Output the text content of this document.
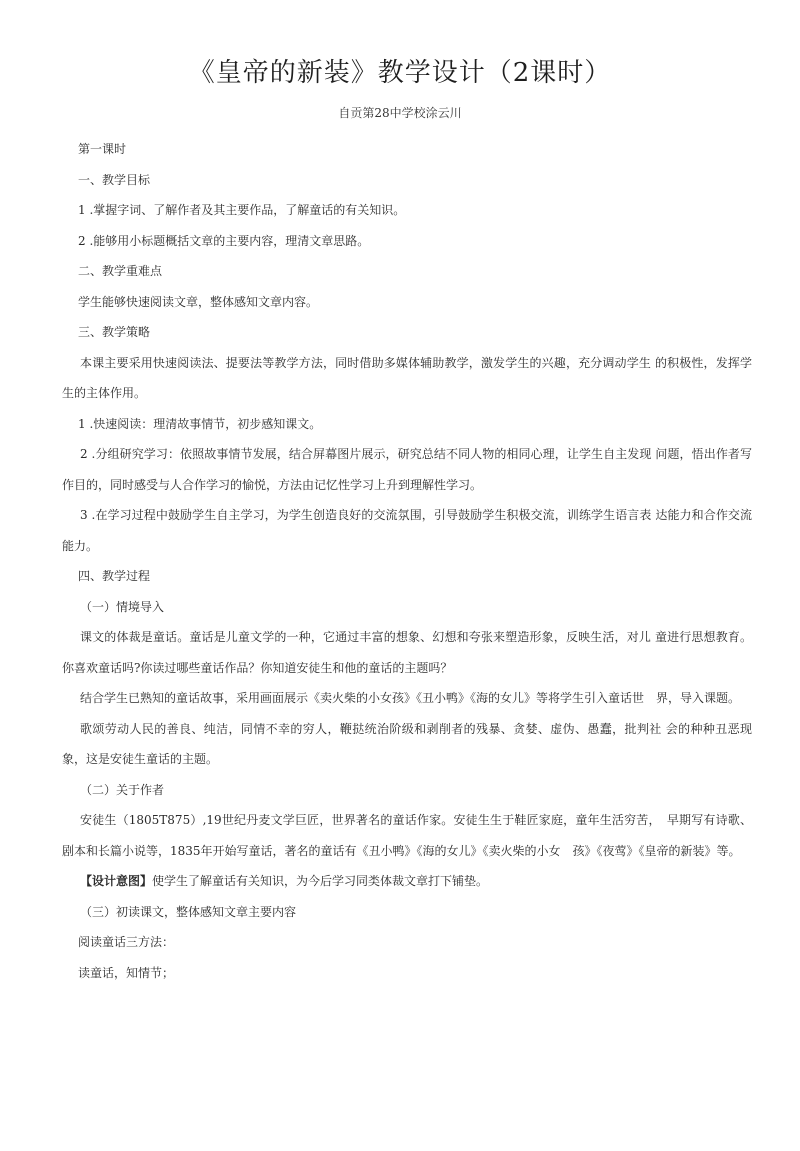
《皇帝的新装》教学设计（2课时）
自贡第28中学校涂云川

第一课时

一、教学目标

1 .掌握字词、了解作者及其主要作品，了解童话的有关知识。

2 .能够用小标题概括文章的主要内容，理清文章思路。

二、教学重难点

学生能够快速阅读文章，整体感知文章内容。

三、教学策略

本课主要采用快速阅读法、提要法等教学方法，同时借助多媒体辅助教学，激发学生的兴趣，充分调动学生 的积极性，发挥学生的主体作用。

1 .快速阅读：理清故事情节，初步感知课文。

2 .分组研究学习：依照故事情节发展，结合屏幕图片展示，研究总结不同人物的相同心理，让学生自主发现 问题，悟出作者写作目的，同时感受与人合作学习的愉悦，方法由记忆性学习上升到理解性学习。

3 .在学习过程中鼓励学生自主学习，为学生创造良好的交流氛围，引导鼓励学生积极交流，训练学生语言表 达能力和合作交流能力。

四、教学过程

（一）情境导入

课文的体裁是童话。童话是儿童文学的一种，它通过丰富的想象、幻想和夸张来塑造形象，反映生活，对儿 童进行思想教育。你喜欢童话吗?你读过哪些童话作品？你知道安徒生和他的童话的主题吗？

结合学生已熟知的童话故事，采用画面展示《卖火柴的小女孩》《丑小鸭》《海的女儿》等将学生引入童话世　界，导入课题。

歌颂劳动人民的善良、纯洁，同情不幸的穷人，鞭挞统治阶级和剥削者的残暴、贪婪、虚伪、愚蠢，批判社 会的种种丑恶现象，这是安徒生童话的主题。

（二）关于作者

安徒生（1805T875）,19世纪丹麦文学巨匠，世界著名的童话作家。安徒生生于鞋匠家庭，童年生活穷苦，　早期写有诗歌、剧本和长篇小说等，1835年开始写童话，著名的童话有《丑小鸭》《海的女儿》《卖火柴的小女　孩》《夜莺》《皇帝的新装》等。

【设计意图】使学生了解童话有关知识，为今后学习同类体裁文章打下铺垫。

（三）初读课文，整体感知文章主要内容

阅读童话三方法：

读童话，知情节；
